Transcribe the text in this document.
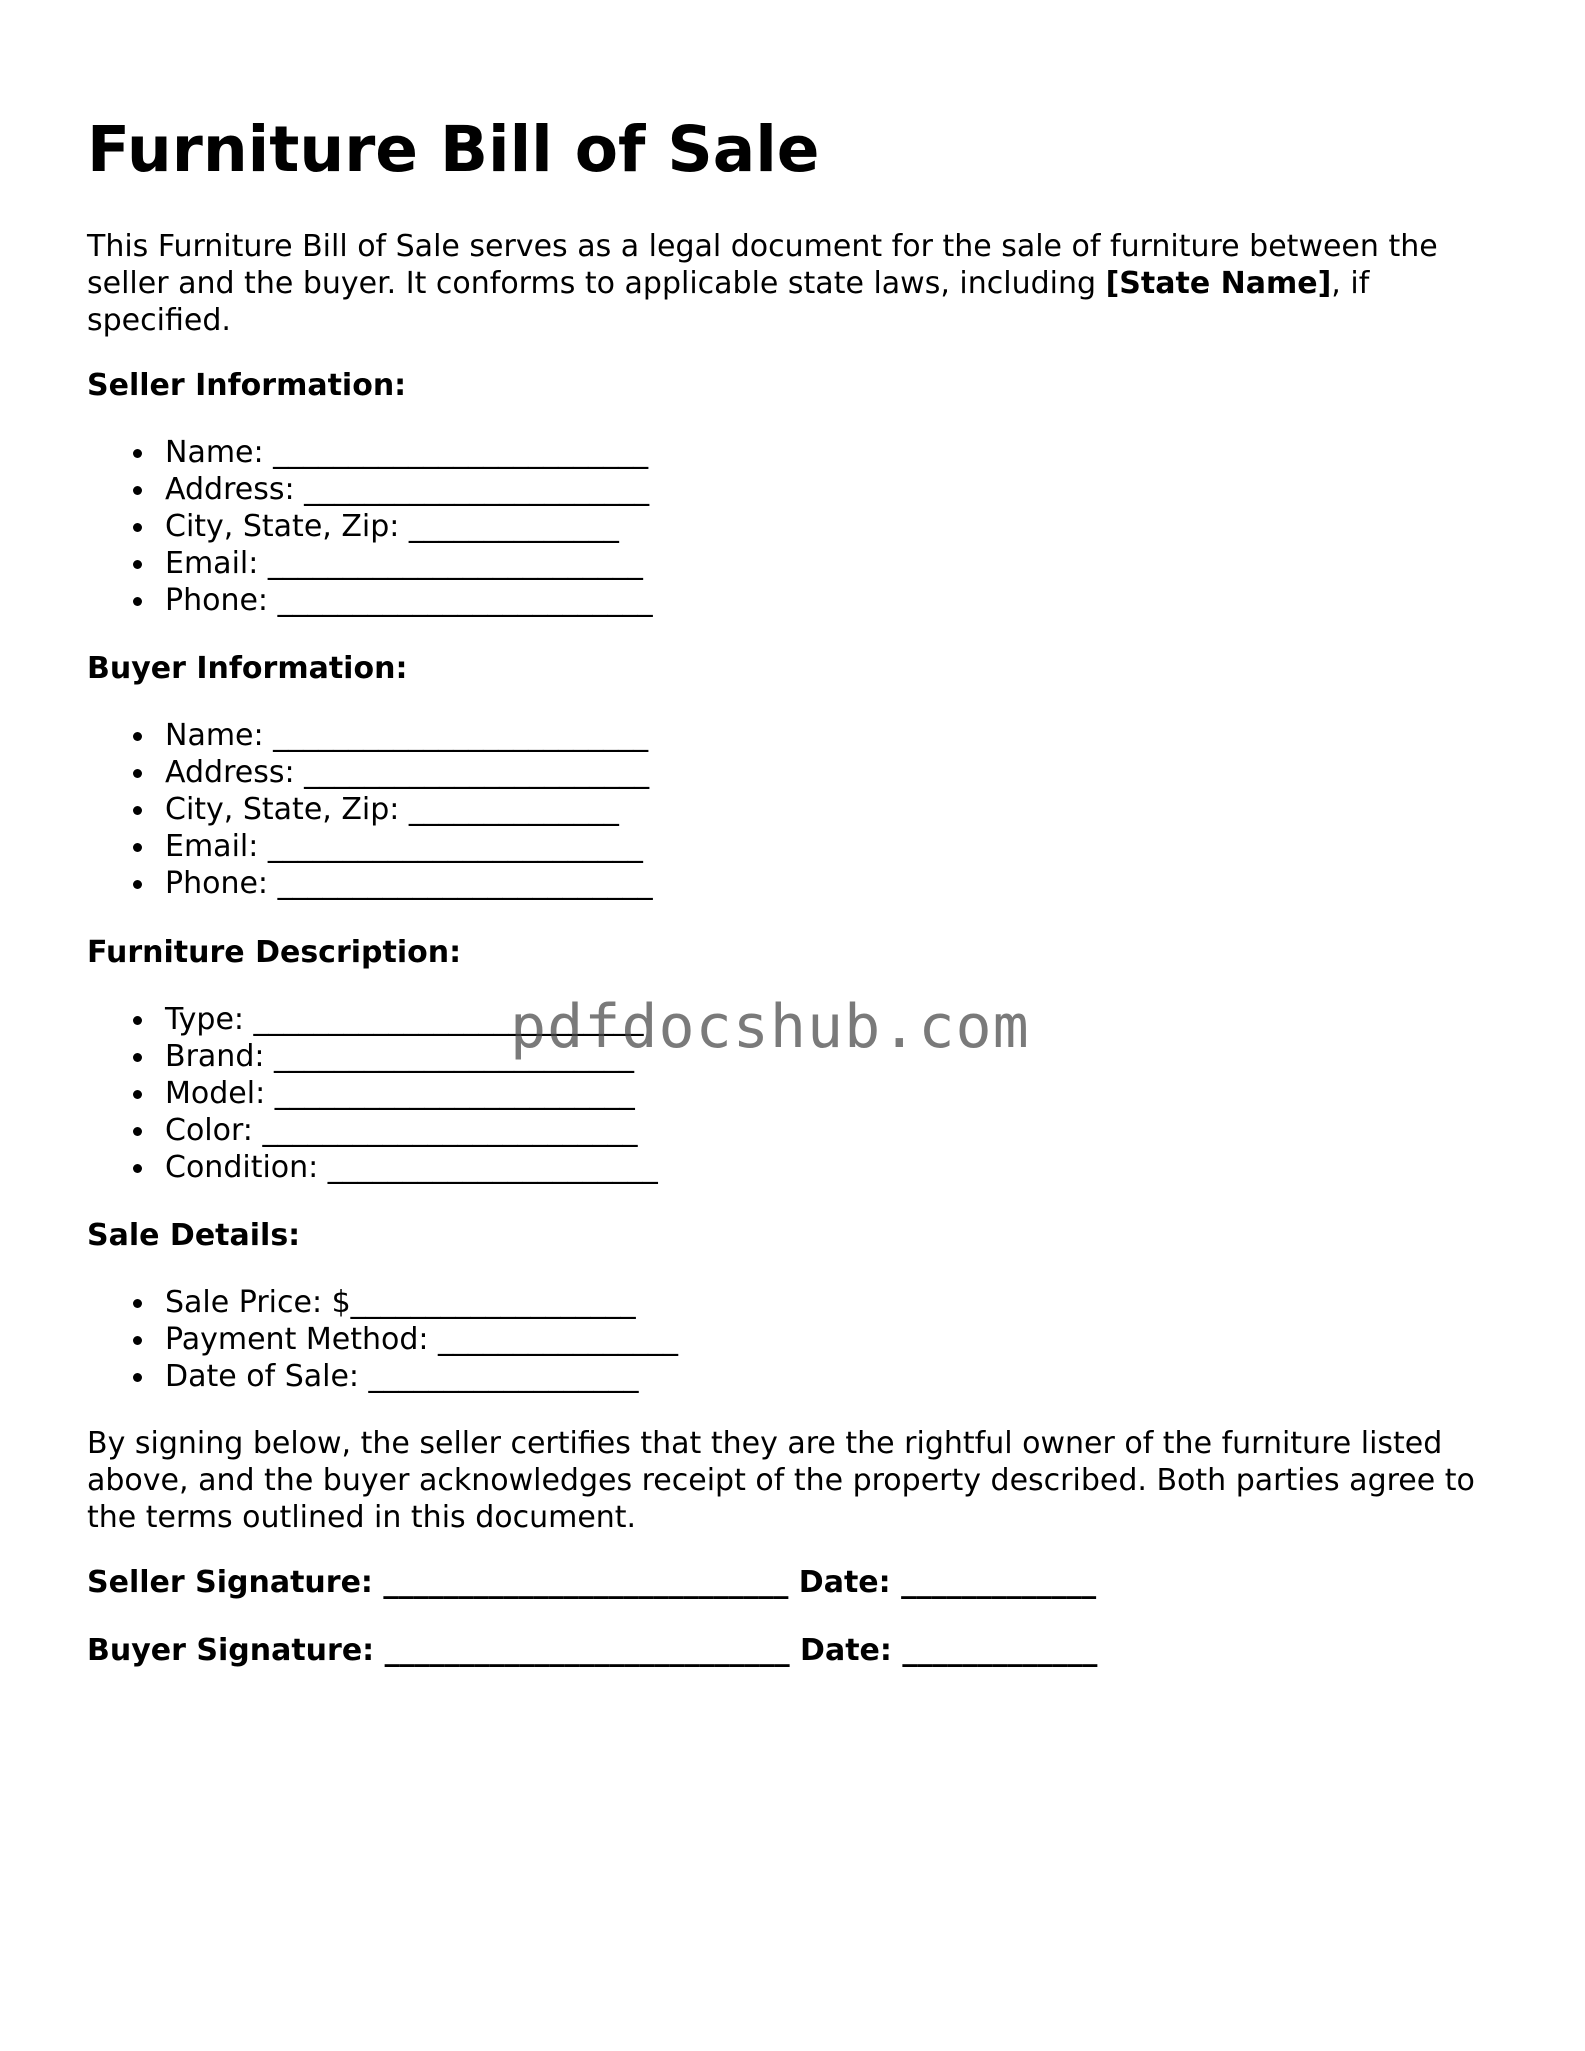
Furniture Bill of Sale

This Furniture Bill of Sale serves as a legal document for the sale of furniture between the seller and the buyer. It conforms to applicable state laws, including [State Name], if specified.

Seller Information:

Name: _________________________
Address: _______________________
City, State, Zip: ______________
Email: _________________________
Phone: _________________________

Buyer Information:

Name: _________________________
Address: _______________________
City, State, Zip: ______________
Email: _________________________
Phone: _________________________

Furniture Description:

Type: __________________________
Brand: ________________________
Model: ________________________
Color: _________________________
Condition: ______________________

Sale Details:

Sale Price: $___________________
Payment Method: ________________
Date of Sale: __________________

By signing below, the seller certifies that they are the rightful owner of the furniture listed above, and the buyer acknowledges receipt of the property described. Both parties agree to the terms outlined in this document.

Seller Signature: ___________________________ Date: _____________

Buyer Signature: ___________________________ Date: _____________

pdfdocshub.com
